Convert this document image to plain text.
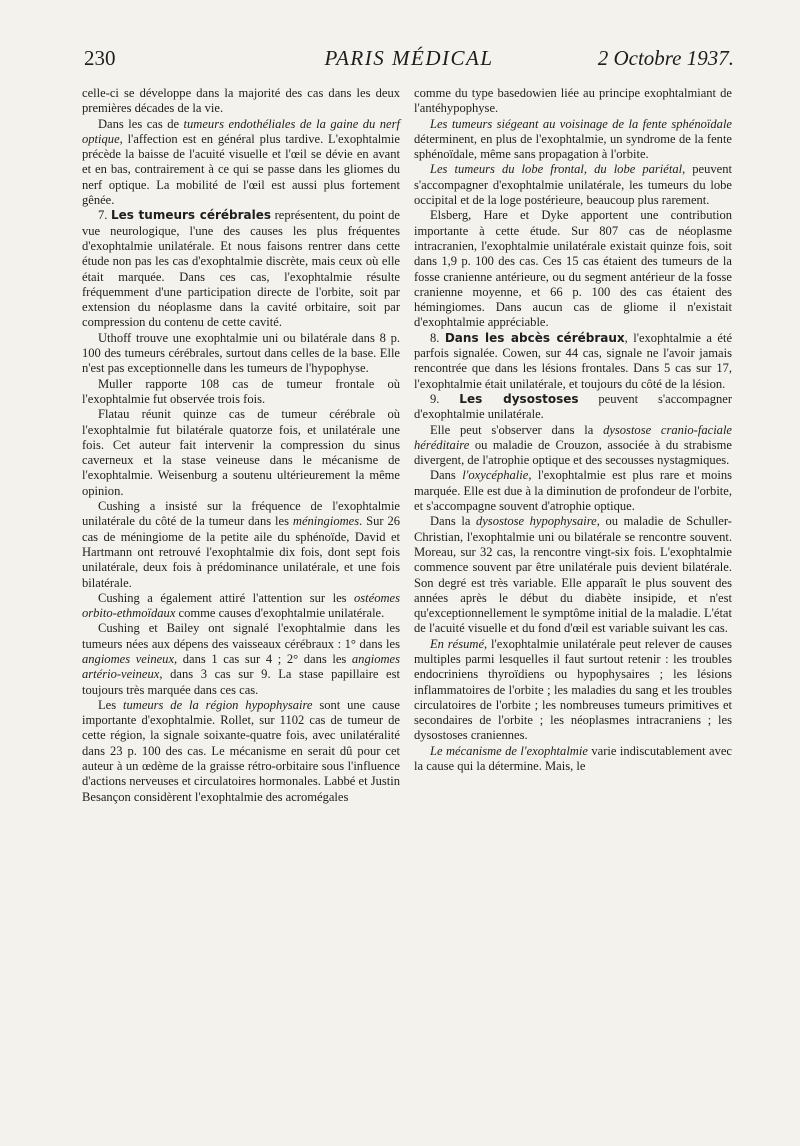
230	PARIS MÉDICAL	2 Octobre 1937.

celle-ci se développe dans la majorité des cas dans les deux premières décades de la vie.

Dans les cas de tumeurs endothéliales de la gaine du nerf optique, l'affection est en général plus tardive. L'exophtalmie précède la baisse de l'acuité visuelle et l'œil se dévie en avant et en bas, contrairement à ce qui se passe dans les gliomes du nerf optique. La mobilité de l'œil est aussi plus fortement gênée.

7. Les tumeurs cérébrales représentent, du point de vue neurologique, l'une des causes les plus fréquentes d'exophtalmie unilatérale. Et nous faisons rentrer dans cette étude non pas les cas d'exophtalmie discrète, mais ceux où elle était marquée. Dans ces cas, l'exophtalmie résulte fréquemment d'une participation directe de l'orbite, soit par extension du néoplasme dans la cavité orbitaire, soit par compression du contenu de cette cavité.

Uthoff trouve une exophtalmie uni ou bilatérale dans 8 p. 100 des tumeurs cérébrales, surtout dans celles de la base. Elle n'est pas exceptionnelle dans les tumeurs de l'hypophyse.

Muller rapporte 108 cas de tumeur frontale où l'exophtalmie fut observée trois fois.

Flatau réunit quinze cas de tumeur cérébrale où l'exophtalmie fut bilatérale quatorze fois, et unilatérale une fois. Cet auteur fait intervenir la compression du sinus caverneux et la stase veineuse dans le mécanisme de l'exophtalmie. Weisenburg a soutenu ultérieurement la même opinion.

Cushing a insisté sur la fréquence de l'exophtalmie unilatérale du côté de la tumeur dans les méningiomes. Sur 26 cas de méningiome de la petite aile du sphénoïde, David et Hartmann ont retrouvé l'exophtalmie dix fois, dont sept fois unilatérale, deux fois à prédominance unilatérale, et une fois bilatérale.

Cushing a également attiré l'attention sur les ostéomes orbito-ethmoïdaux comme causes d'exophtalmie unilatérale.

Cushing et Bailey ont signalé l'exophtalmie dans les tumeurs nées aux dépens des vaisseaux cérébraux : 1° dans les angiomes veineux, dans 1 cas sur 4 ; 2° dans les angiomes artério-veineux, dans 3 cas sur 9. La stase papillaire est toujours très marquée dans ces cas.

Les tumeurs de la région hypophysaire sont une cause importante d'exophtalmie. Rollet, sur 1102 cas de tumeur de cette région, la signale soixante-quatre fois, avec unilatéralité dans 23 p. 100 des cas. Le mécanisme en serait dû pour cet auteur à un œdème de la graisse rétro-orbitaire sous l'influence d'actions nerveuses et circulatoires hormonales. Labbé et Justin Besançon considèrent l'exophtalmie des acromégales

comme du type basedowien liée au principe exophtalmiant de l'antéhypophyse.

Les tumeurs siégeant au voisinage de la fente sphénoïdale déterminent, en plus de l'exophtalmie, un syndrome de la fente sphénoïdale, même sans propagation à l'orbite.

Les tumeurs du lobe frontal, du lobe pariétal, peuvent s'accompagner d'exophtalmie unilatérale, les tumeurs du lobe occipital et de la loge postérieure, beaucoup plus rarement.

Elsberg, Hare et Dyke apportent une contribution importante à cette étude. Sur 807 cas de néoplasme intracranien, l'exophtalmie unilatérale existait quinze fois, soit dans 1,9 p. 100 des cas. Ces 15 cas étaient des tumeurs de la fosse cranienne antérieure, ou du segment antérieur de la fosse cranienne moyenne, et 66 p. 100 des cas étaient des hémingiomes. Dans aucun cas de gliome il n'existait d'exophtalmie appréciable.

8. Dans les abcès cérébraux, l'exophtalmie a été parfois signalée. Cowen, sur 44 cas, signale ne l'avoir jamais rencontrée que dans les lésions frontales. Dans 5 cas sur 17, l'exophtalmie était unilatérale, et toujours du côté de la lésion.

9. Les dysostoses peuvent s'accompagner d'exophtalmie unilatérale.

Elle peut s'observer dans la dysostose cranio-faciale héréditaire ou maladie de Crouzon, associée à du strabisme divergent, de l'atrophie optique et des secousses nystagmiques.

Dans l'oxycéphalie, l'exophtalmie est plus rare et moins marquée. Elle est due à la diminution de profondeur de l'orbite, et s'accompagne souvent d'atrophie optique.

Dans la dysostose hypophysaire, ou maladie de Schuller-Christian, l'exophtalmie uni ou bilatérale se rencontre souvent. Moreau, sur 32 cas, la rencontre vingt-six fois. L'exophtalmie commence souvent par être unilatérale puis devient bilatérale. Son degré est très variable. Elle apparaît le plus souvent des années après le début du diabète insipide, et n'est qu'exceptionnellement le symptôme initial de la maladie. L'état de l'acuité visuelle et du fond d'œil est variable suivant les cas.

En résumé, l'exophtalmie unilatérale peut relever de causes multiples parmi lesquelles il faut surtout retenir : les troubles endocriniens thyroïdiens ou hypophysaires ; les lésions inflammatoires de l'orbite ; les maladies du sang et les troubles circulatoires de l'orbite ; les nombreuses tumeurs primitives et secondaires de l'orbite ; les néoplasmes intracraniens ; les dysostoses craniennes.

Le mécanisme de l'exophtalmie varie indiscutablement avec la cause qui la détermine. Mais, le
